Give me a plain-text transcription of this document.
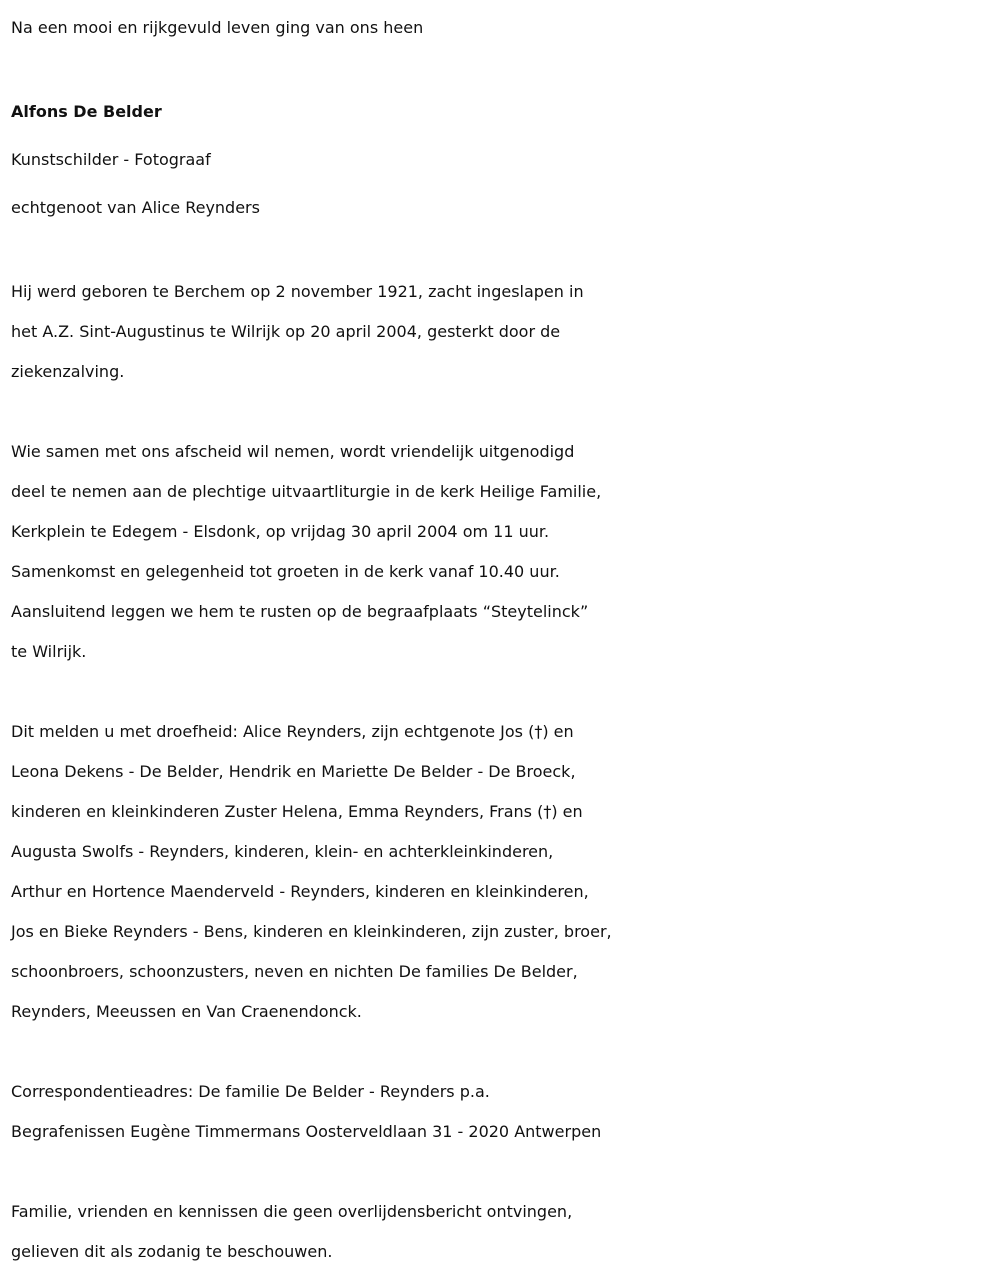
Na een mooi en rijkgevuld leven ging van ons heen

Alfons De Belder
Kunstschilder - Fotograaf
echtgenoot van Alice Reynders

Hij werd geboren te Berchem op 2 november 1921, zacht ingeslapen in
het A.Z. Sint-Augustinus te Wilrijk op 20 april 2004, gesterkt door de
ziekenzalving.

Wie samen met ons afscheid wil nemen, wordt vriendelijk uitgenodigd
deel te nemen aan de plechtige uitvaartliturgie in de kerk Heilige Familie,
Kerkplein te Edegem - Elsdonk, op vrijdag 30 april 2004 om 11 uur.
Samenkomst en gelegenheid tot groeten in de kerk vanaf 10.40 uur.
Aansluitend leggen we hem te rusten op de begraafplaats “Steytelinck”
te Wilrijk.

Dit melden u met droefheid: Alice Reynders, zijn echtgenote Jos (†) en
Leona Dekens - De Belder, Hendrik en Mariette De Belder - De Broeck,
kinderen en kleinkinderen Zuster Helena, Emma Reynders, Frans (†) en
Augusta Swolfs - Reynders, kinderen, klein- en achterkleinkinderen,
Arthur en Hortence Maenderveld - Reynders, kinderen en kleinkinderen,
Jos en Bieke Reynders - Bens, kinderen en kleinkinderen, zijn zuster, broer,
schoonbroers, schoonzusters, neven en nichten De families De Belder,
Reynders, Meeussen en Van Craenendonck.

Correspondentieadres: De familie De Belder - Reynders p.a.
Begrafenissen Eugène Timmermans Oosterveldlaan 31 - 2020 Antwerpen

Familie, vrienden en kennissen die geen overlijdensbericht ontvingen,
gelieven dit als zodanig te beschouwen.
